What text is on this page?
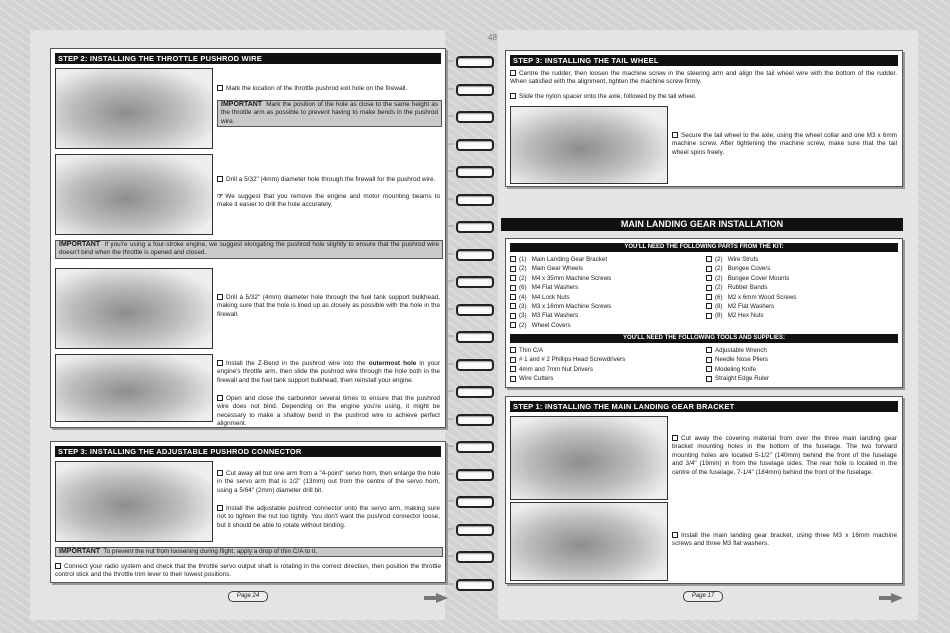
48
STEP 2: INSTALLING THE THROTTLE PUSHROD WIRE
Mark the location of the throttle pushrod exit hole on the firewall.
IMPORTANT Mark the position of the hole as close to the same height as the throttle arm as possible to prevent having to make bends in the pushrod wire.
Drill a 5/32" (4mm) diameter hole through the firewall for the pushrod wire.
☞ We suggest that you remove the engine and motor mounting beams to make it easier to drill the hole accurately.
IMPORTANT If you're using a four-stroke engine, we suggest elongating the pushrod hole slightly to ensure that the pushrod wire doesn't bind when the throttle is opened and closed.
Drill a 5/32" (4mm) diameter hole through the fuel tank support bulkhead, making sure that the hole is lined up as closely as possible with the hole in the firewall.
Install the Z-Bend in the pushrod wire into the outermost hole in your engine's throttle arm, then slide the pushrod wire through the hole both in the firewall and the fuel tank support bulkhead, then reinstall your engine.
Open and close the carburetor several times to ensure that the pushrod wire does not bind. Depending on the engine you're using, it might be necessary to make a shallow bend in the pushrod wire to achieve perfect alignment.
STEP 3: INSTALLING THE ADJUSTABLE PUSHROD CONNECTOR
Cut away all but one arm from a "4-point" servo horn, then enlarge the hole in the servo arm that is 1/2" (13mm) out from the centre of the servo horn, using a 5/64" (2mm) diameter drill bit.
Install the adjustable pushrod connector onto the servo arm, making sure not to tighten the nut too tightly. You don't want the pushrod connector loose, but it should be able to rotate without binding.
IMPORTANT To prevent the nut from loosening during flight, apply a drop of thin C/A to it.
Connect your radio system and check that the throttle servo output shaft is rotating in the correct direction, then position the throttle control stick and the throttle trim lever to their lowest positions.
Page 24
STEP 3: INSTALLING THE TAIL WHEEL
Centre the rudder, then loosen the machine screw in the steering arm and align the tail wheel wire with the bottom of the rudder. When satisfied with the alignment, tighten the machine screw firmly.
Slide the nylon spacer onto the axle, followed by the tail wheel.
Secure the tail wheel to the axle, using the wheel collar and one M3 x 6mm machine screw. After tightening the machine screw, make sure that the tail wheel spins freely.
MAIN LANDING GEAR INSTALLATION
YOU'LL NEED THE FOLLOWING PARTS FROM THE KIT:
(1) Main Landing Gear Bracket
(2) Main Gear Wheels
(2) M4 x 35mm Machine Screws
(6) M4 Flat Washers
(4) M4 Lock Nuts
(3) M3 x 16mm Machine Screws
(3) M3 Flat Washers
(2) Wheel Covers
(2) Wire Struts
(2) Bungee Covers
(2) Bungee Cover Mounts
(2) Rubber Bands
(6) M2 x 6mm Wood Screws
(8) M2 Flat Washers
(8) M2 Hex Nuts
YOU'LL NEED THE FOLLOWING TOOLS AND SUPPLIES:
Thin C/A
# 1 and # 2 Phillips Head Screwdrivers
4mm and 7mm Nut Drivers
Wire Cutters
Adjustable Wrench
Needle Nose Pliers
Modeling Knife
Straight Edge Ruler
STEP 1: INSTALLING THE MAIN LANDING GEAR BRACKET
Cut away the covering material from over the three main landing gear bracket mounting holes in the bottom of the fuselage. The two forward mounting holes are located 5-1/2" (140mm) behind the front of the fuselage and 3/4" (19mm) in from the fuselage sides. The rear hole is located in the centre of the fuselage, 7-1/4" (184mm) behind the front of the fuselage.
Install the main landing gear bracket, using three M3 x 16mm machine screws and three M3 flat washers.
Page 17
